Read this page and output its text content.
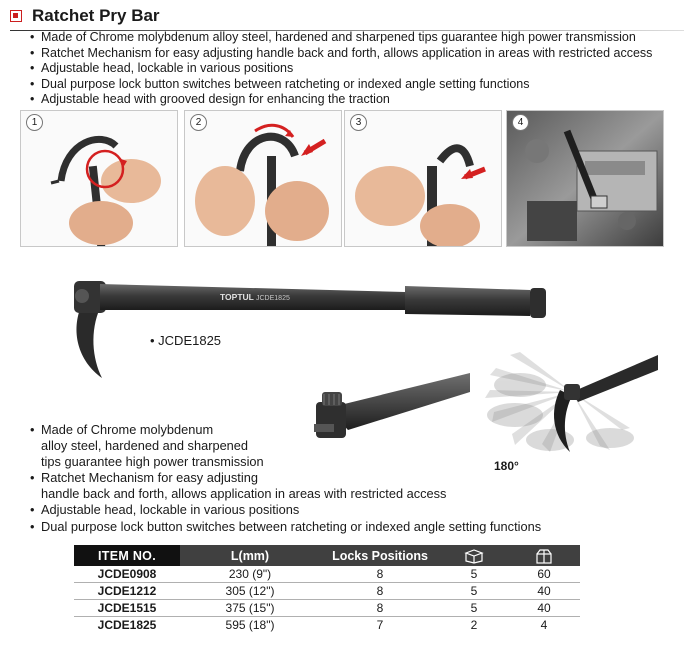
Ratchet Pry Bar
• Made of Chrome molybdenum alloy steel, hardened and sharpened tips guarantee high power transmission
• Ratchet Mechanism for easy adjusting handle back and forth, allows application in areas with restricted access
• Adjustable head, lockable in various positions
• Dual purpose lock button switches between ratcheting or indexed angle setting functions
• Adjustable head with grooved design for enhancing the traction
1	2	3	4
TOPTUL JCDE1825
• JCDE1825
180°
• Made of Chrome molybdenum
alloy steel, hardened and sharpened
tips guarantee high power transmission
• Ratchet Mechanism for easy adjusting
handle back and forth, allows application in areas with restricted access
• Adjustable head, lockable in various positions
• Dual purpose lock button switches between ratcheting or indexed angle setting functions
ITEM NO.	L(mm)	Locks Positions		
JCDE0908	230 (9")	8	5	60
JCDE1212	305 (12")	8	5	40
JCDE1515	375 (15")	8	5	40
JCDE1825	595 (18")	7	2	4
